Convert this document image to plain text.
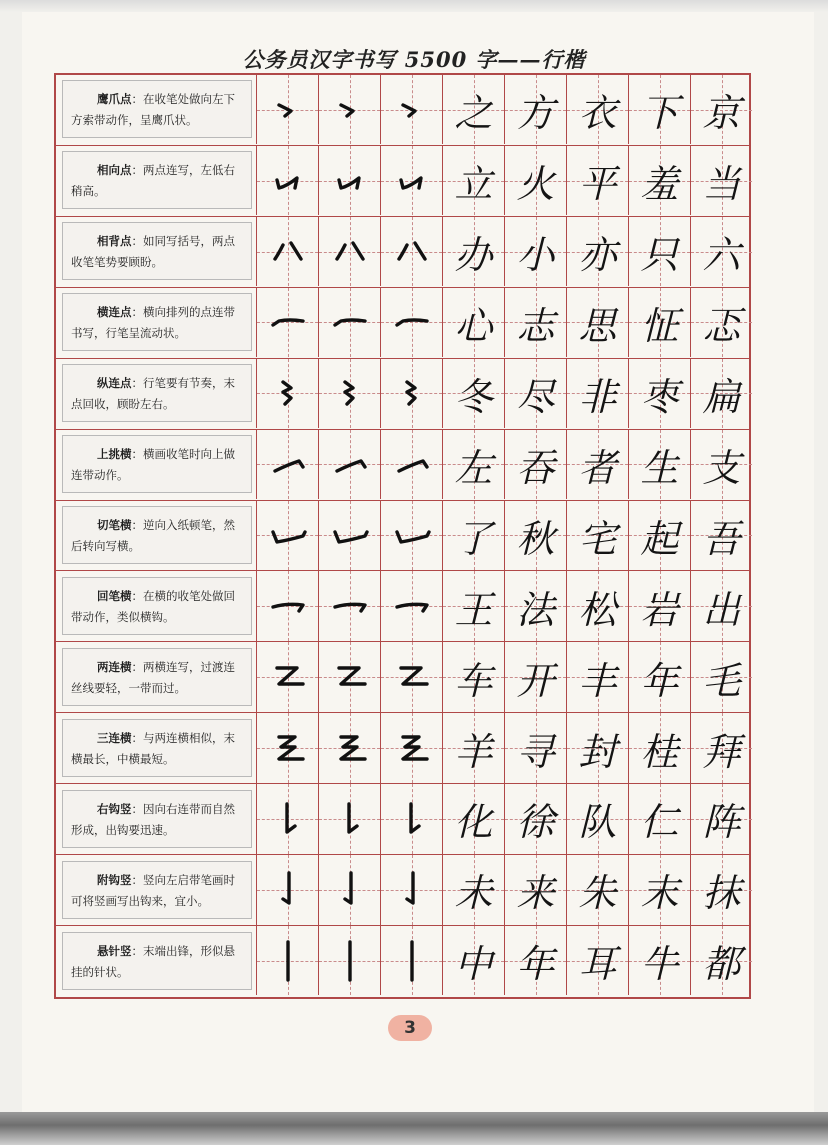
公务员汉字书写 5500 字——行楷
鹰爪点：在收笔处做向左下方索带动作，呈鹰爪状。	之 方 衣 下 京
相向点：两点连写，左低右稍高。	立 火 平 羞 当
相背点：如同写括号，两点收笔笔势要顾盼。	办 小 亦 只 六
横连点：横向排列的点连带书写，行笔呈流动状。	心 志 思 怔 忑
纵连点：行笔要有节奏，末点回收，顾盼左右。	冬 尽 非 枣 扁
上挑横：横画收笔时向上做连带动作。	左 吞 者 生 支
切笔横：逆向入纸顿笔，然后转向写横。	了 秋 宅 起 吾
回笔横：在横的收笔处做回带动作，类似横钩。	王 法 松 岩 出
两连横：两横连写，过渡连丝线要轻，一带而过。	车 开 丰 年 毛
三连横：与两连横相似，末横最长，中横最短。	羊 寻 封 桂 拜
右钩竖：因向右连带而自然形成，出钩要迅速。	化 徐 队 仁 阵
附钩竖：竖向左启带笔画时可将竖画写出钩来，宜小。	未 来 朱 末 抹
悬针竖：末端出锋，形似悬挂的针状。	中 年 耳 牛 都
3
